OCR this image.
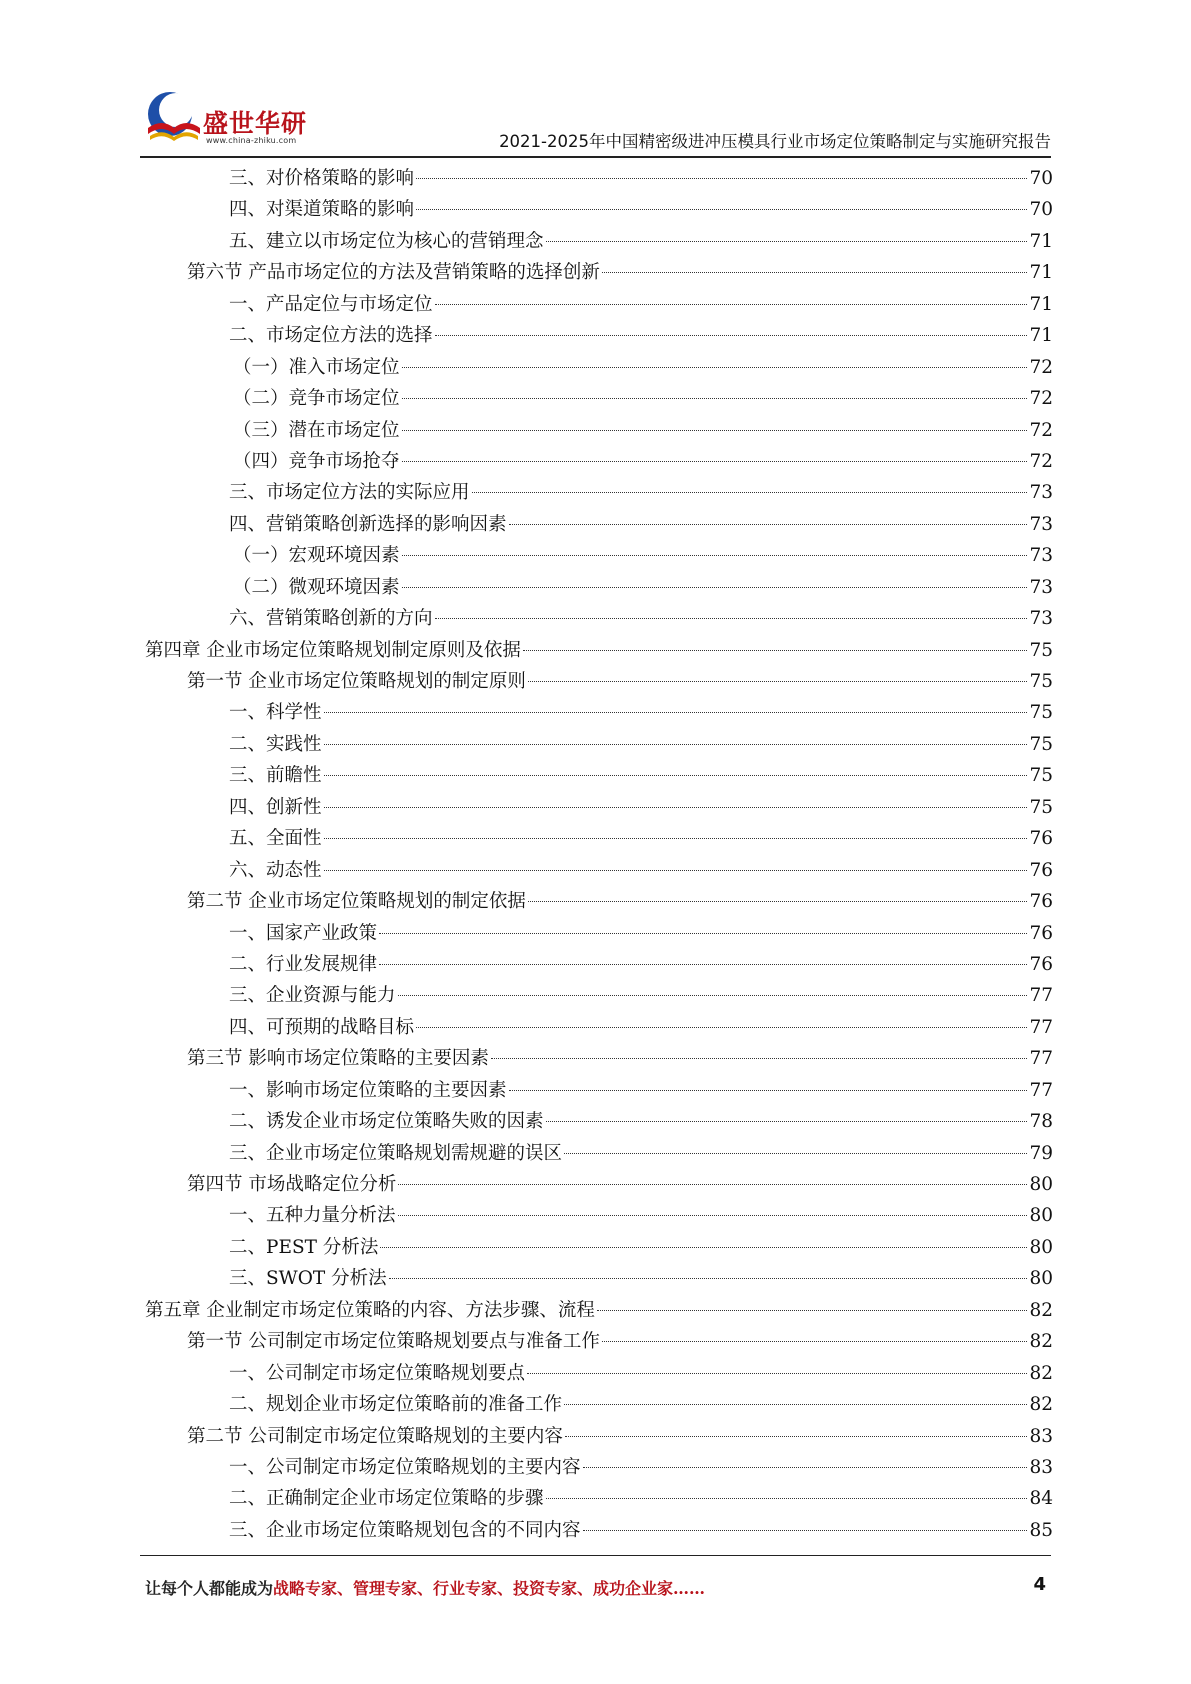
盛世华研
www.china-zhiku.com	2021-2025年中国精密级进冲压模具行业市场定位策略制定与实施研究报告
三、对价格策略的影响	70
四、对渠道策略的影响	70
五、建立以市场定位为核心的营销理念	71
第六节 产品市场定位的方法及营销策略的选择创新	71
一、产品定位与市场定位	71
二、市场定位方法的选择	71
（一）准入市场定位	72
（二）竞争市场定位	72
（三）潜在市场定位	72
（四）竞争市场抢夺	72
三、市场定位方法的实际应用	73
四、营销策略创新选择的影响因素	73
（一）宏观环境因素	73
（二）微观环境因素	73
六、营销策略创新的方向	73
第四章 企业市场定位策略规划制定原则及依据	75
第一节 企业市场定位策略规划的制定原则	75
一、科学性	75
二、实践性	75
三、前瞻性	75
四、创新性	75
五、全面性	76
六、动态性	76
第二节 企业市场定位策略规划的制定依据	76
一、国家产业政策	76
二、行业发展规律	76
三、企业资源与能力	77
四、可预期的战略目标	77
第三节 影响市场定位策略的主要因素	77
一、影响市场定位策略的主要因素	77
二、诱发企业市场定位策略失败的因素	78
三、企业市场定位策略规划需规避的误区	79
第四节 市场战略定位分析	80
一、五种力量分析法	80
二、PEST 分析法	80
三、SWOT 分析法	80
第五章 企业制定市场定位策略的内容、方法步骤、流程	82
第一节 公司制定市场定位策略规划要点与准备工作	82
一、公司制定市场定位策略规划要点	82
二、规划企业市场定位策略前的准备工作	82
第二节 公司制定市场定位策略规划的主要内容	83
一、公司制定市场定位策略规划的主要内容	83
二、正确制定企业市场定位策略的步骤	84
三、企业市场定位策略规划包含的不同内容	85
让每个人都能成为战略专家、管理专家、行业专家、投资专家、成功企业家……	4
